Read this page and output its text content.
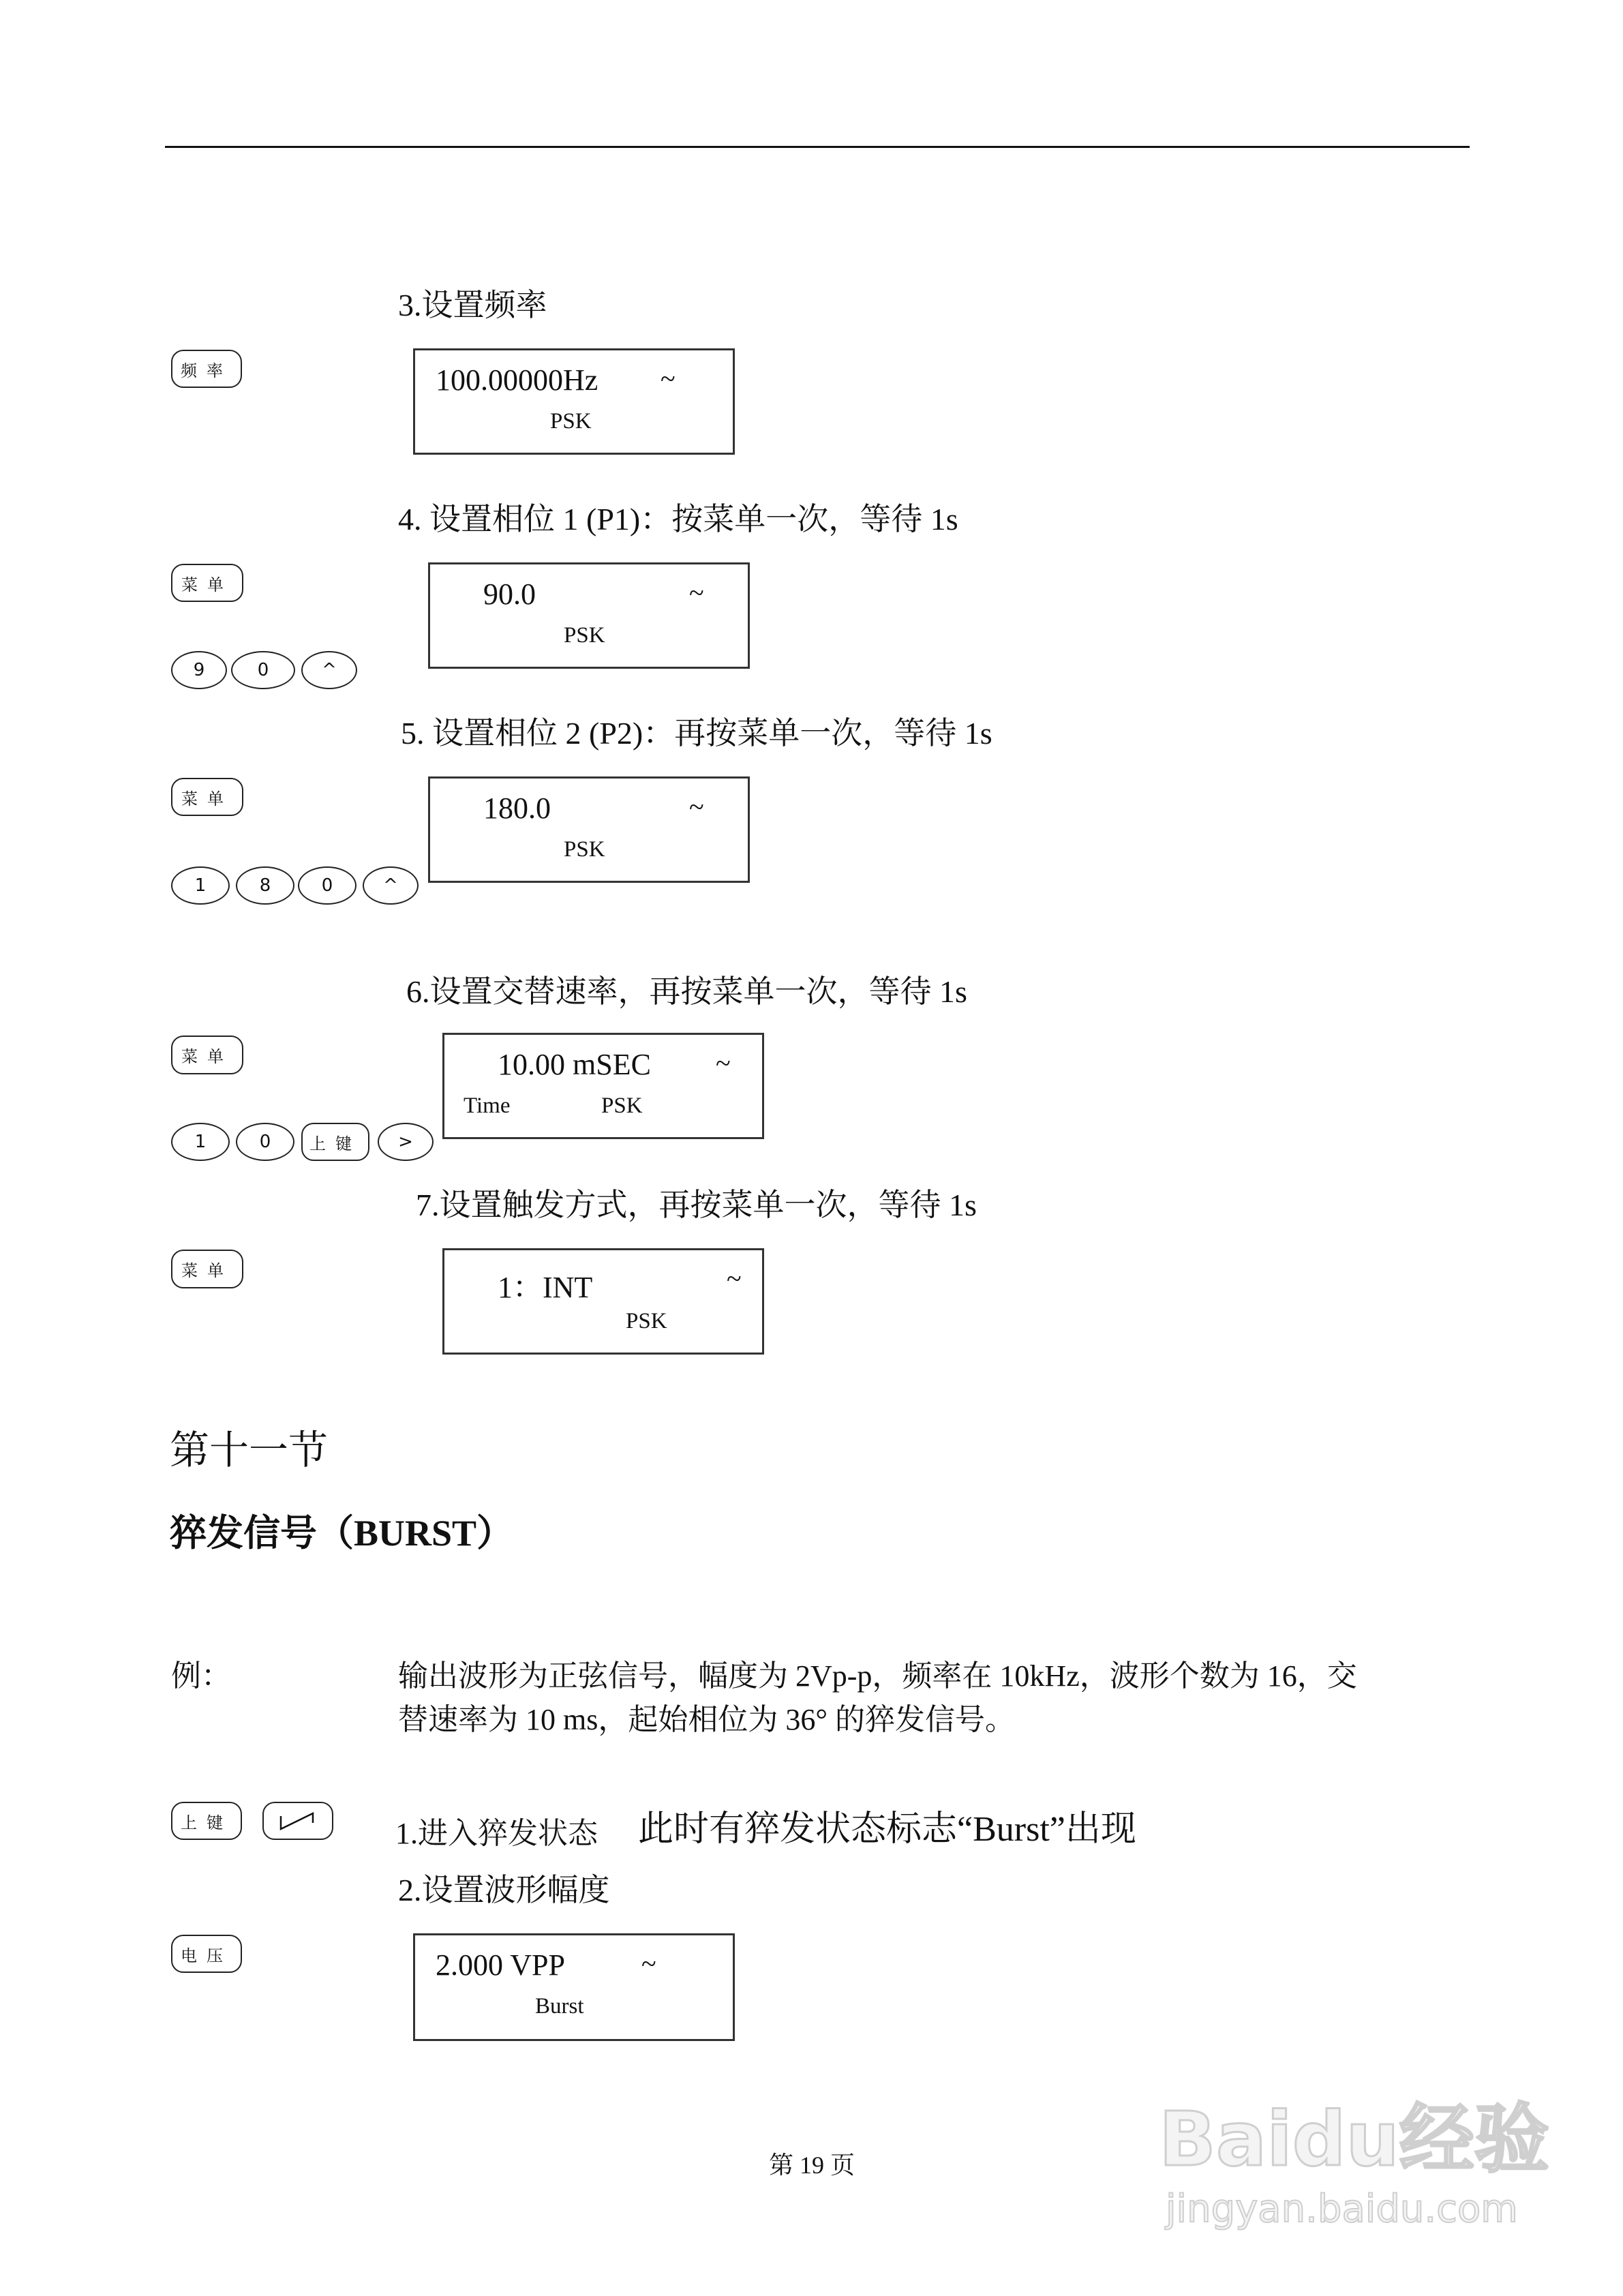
3.设置频率
频率	100.00000Hz ~
PSK
4. 设置相位 1 (P1)：按菜单一次，等待 1s
菜单	90.0	~
PSK
9	0	^
5. 设置相位 2 (P2)：再按菜单一次，等待 1s
菜单	180.0	~
PSK
1	8	0	^
6.设置交替速率，再按菜单一次，等待 1s
菜单	10.00 mSEC ~
Time	PSK
1	0	上键	>
7.设置触发方式，再按菜单一次，等待 1s
菜单	1：INT	~
PSK
第十一节
猝发信号（BURST）
例：	输出波形为正弦信号，幅度为 2Vp-p，频率在 10kHz，波形个数为 16，交
替速率为 10 ms，起始相位为 36° 的猝发信号。
上键	1.进入猝发状态 此时有猝发状态标志“Burst”出现
2.设置波形幅度
电压	2.000 VPP	~
Burst
第 19 页	Baidu经验
jingyan.baidu.com
